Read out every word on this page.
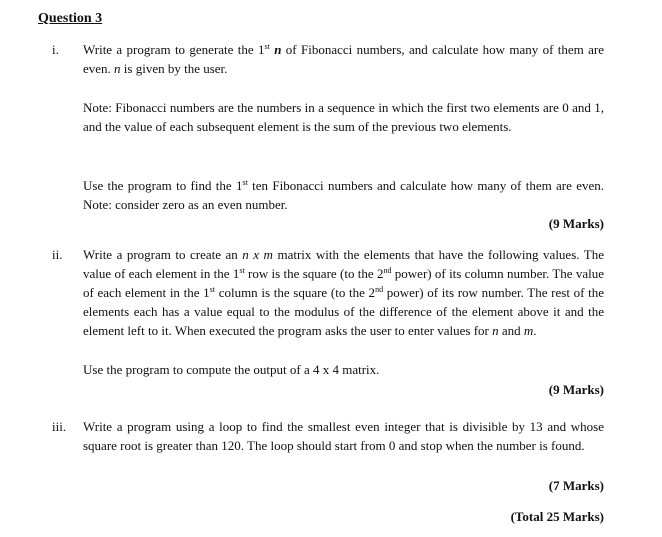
Question 3
i. Write a program to generate the 1st n of Fibonacci numbers, and calculate how many of them are even. n is given by the user.
Note: Fibonacci numbers are the numbers in a sequence in which the first two elements are 0 and 1, and the value of each subsequent element is the sum of the previous two elements.
Use the program to find the 1st ten Fibonacci numbers and calculate how many of them are even. Note: consider zero as an even number.
(9 Marks)
ii. Write a program to create an n x m matrix with the elements that have the following values. The value of each element in the 1st row is the square (to the 2nd power) of its column number. The value of each element in the 1st column is the square (to the 2nd power) of its row number. The rest of the elements each has a value equal to the modulus of the difference of the element above it and the element left to it. When executed the program asks the user to enter values for n and m.
Use the program to compute the output of a 4 x 4 matrix.
(9 Marks)
iii. Write a program using a loop to find the smallest even integer that is divisible by 13 and whose square root is greater than 120. The loop should start from 0 and stop when the number is found.
(7 Marks)
(Total 25 Marks)
